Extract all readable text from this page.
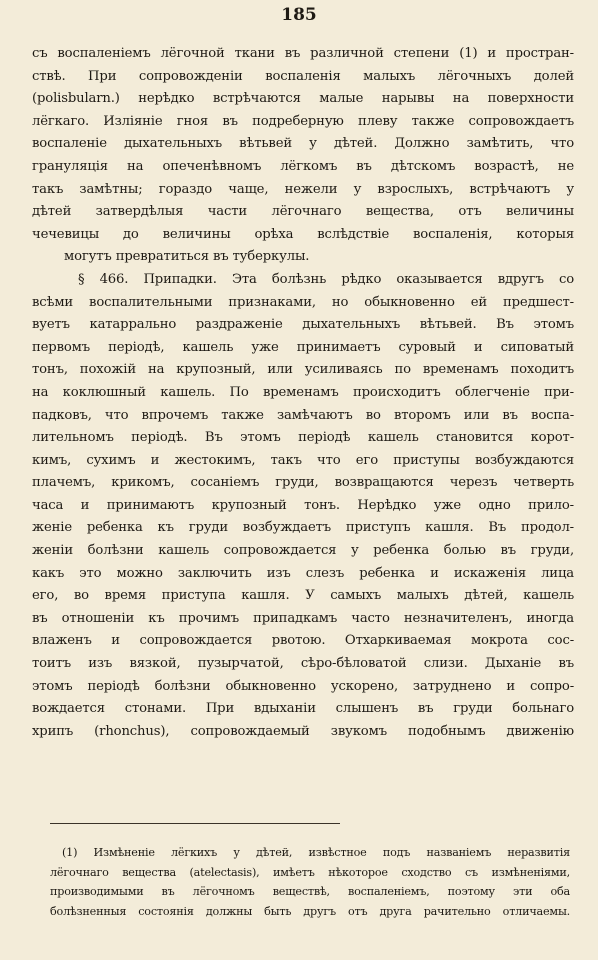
185
съ воспаленіемъ лёгочной ткани въ различной степени (1) и простран-
ствѣ. При сопровожденіи воспаленія малыхъ лёгочныхъ долей
(polisbularn.) нерѣдко встрѣчаются малые нарывы на поверхности
лёгкаго. Изліяніе гноя въ подреберную плеву также сопровождаетъ
воспаленіе дыхательныхъ вѣтьвей у дѣтей. Должно замѣтить, что
грануляція на опеченѣвномъ лёгкомъ въ дѣтскомъ возрастѣ, не
такъ замѣтны; гораздо чаще, нежели у взрослыхъ, встрѣчаютъ у
дѣтей затвердѣлыя части лёгочнаго вещества, отъ величины
чечевицы до величины орѣха вслѣдствіе воспаленія, которыя
могутъ превратиться въ туберкулы.
§ 466. Припадки. Эта болѣзнь рѣдко оказывается вдругъ со
всѣми воспалительными признаками, но обыкновенно ей предшест-
вуетъ катаррально раздраженіе дыхательныхъ вѣтьвей. Въ этомъ
первомъ періодѣ, кашель уже принимаетъ суровый и сиповатый
тонъ, похожій на крупозный, или усиливаясь по временамъ походитъ
на коклюшный кашель. По временамъ происходитъ облегченіе при-
падковъ, что впрочемъ также замѣчаютъ во второмъ или въ воспа-
лительномъ періодѣ. Въ этомъ періодѣ кашель становится корот-
кимъ, сухимъ и жестокимъ, такъ что его приступы возбуждаются
плачемъ, крикомъ, сосаніемъ груди, возвращаются черезъ четверть
часа и принимаютъ крупозный тонъ. Нерѣдко уже одно прило-
женіе ребенка къ груди возбуждаетъ приступъ кашля. Въ продол-
женіи болѣзни кашель сопровождается у ребенка болью въ груди,
какъ это можно заключить изъ слезъ ребенка и искаженія лица
его, во время приступа кашля. У самыхъ малыхъ дѣтей, кашель
въ отношеніи къ прочимъ припадкамъ часто незначителенъ, иногда
влаженъ и сопровождается рвотою. Отхаркиваемая мокрота сос-
тоитъ изъ вязкой, пузырчатой, сѣро-бѣловатой слизи. Дыханіе въ
этомъ періодѣ болѣзни обыкновенно ускорено, затруднено и сопро-
вождается стонами. При вдыханіи слышенъ въ груди больнаго
хрипъ (rhonchus), сопровождаемый звукомъ подобнымъ движенію
(1) Измѣненіе лёгкихъ у дѣтей, извѣстное подъ названіемъ неразвитія
лёгочнаго вещества (atelectasis), имѣетъ нѣкоторое сходство съ измѣненіями,
производимыми въ лёгочномъ веществѣ, воспаленіемъ, поэтому эти оба
болѣзненныя состоянія должны быть другъ отъ друга рачительно отличаемы.
